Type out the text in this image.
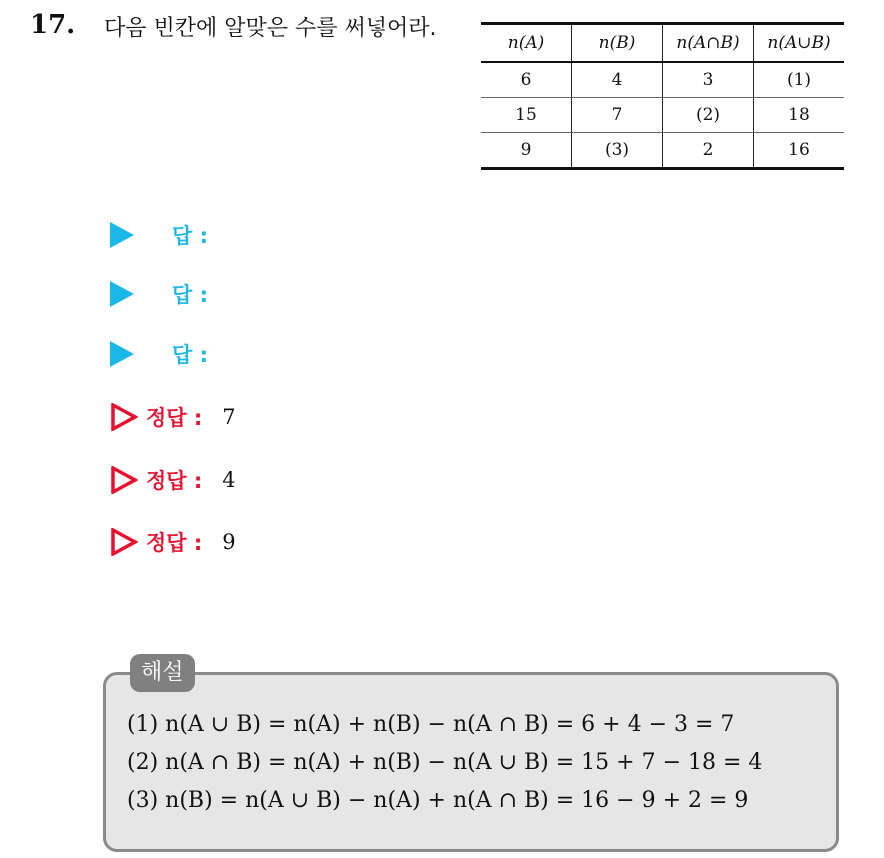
17. 다음 빈칸에 알맞은 수를 써넣어라.
n(A)	n(B)	n(A∩B)	n(A∪B)
6	4	3	(1)
15	7	(2)	18
9	(3)	2	16
답 :
답 :
답 :
정답 : 7
정답 : 4
정답 : 9
해설
(1) n(A ∪ B) = n(A) + n(B) − n(A ∩ B) = 6 + 4 − 3 = 7
(2) n(A ∩ B) = n(A) + n(B) − n(A ∪ B) = 15 + 7 − 18 = 4
(3) n(B) = n(A ∪ B) − n(A) + n(A ∩ B) = 16 − 9 + 2 = 9
